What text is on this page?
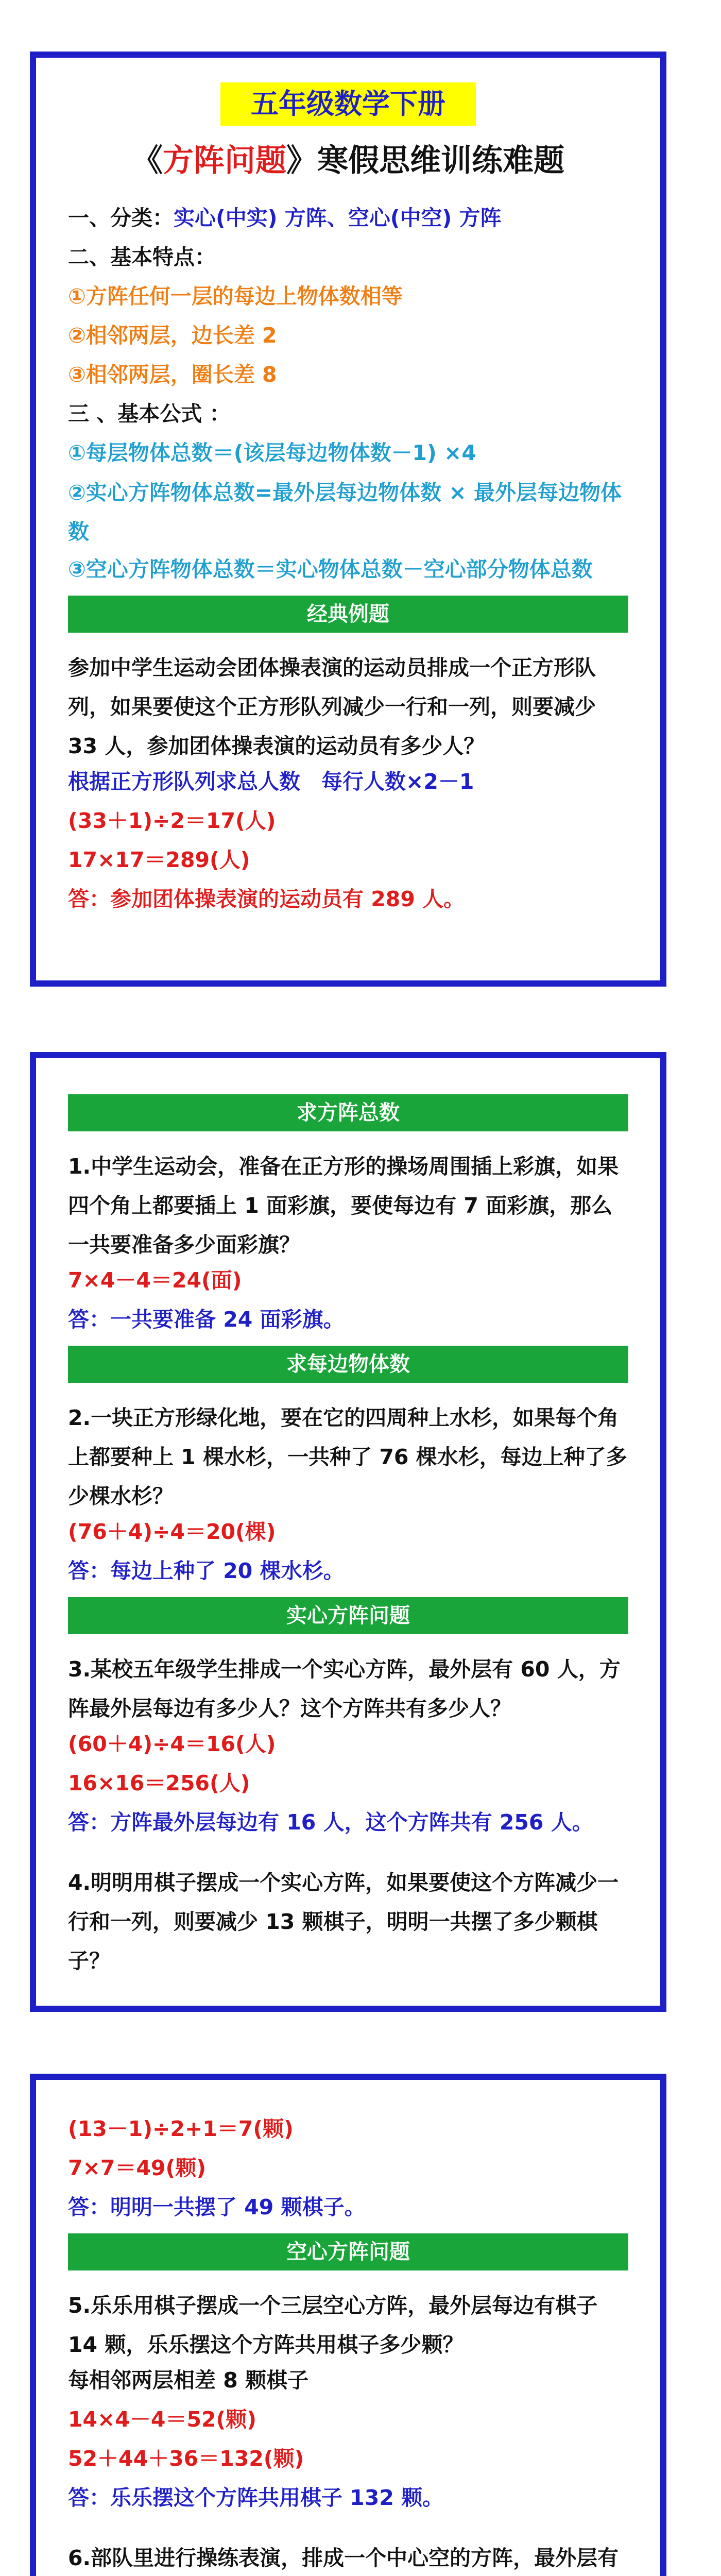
五年级数学下册
《方阵问题》寒假思维训练难题
一、分类：实心(中实) 方阵、空心(中空) 方阵
二、基本特点：
①方阵任何一层的每边上物体数相等
②相邻两层，边长差 2
③相邻两层，圈长差 8
三 、基本公式 ：
①每层物体总数＝(该层每边物体数－1) ×4
②实心方阵物体总数=最外层每边物体数 × 最外层每边物体数
③空心方阵物体总数＝实心物体总数－空心部分物体总数
经典例题
参加中学生运动会团体操表演的运动员排成一个正方形队列，如果要使这个正方形队列减少一行和一列，则要减少 33 人，参加团体操表演的运动员有多少人？
根据正方形队列求总人数　每行人数×2－1
(33＋1)÷2＝17(人)
17×17＝289(人)
答：参加团体操表演的运动员有 289 人。
求方阵总数
1.中学生运动会，准备在正方形的操场周围插上彩旗，如果四个角上都要插上 1 面彩旗，要使每边有 7 面彩旗，那么一共要准备多少面彩旗？
7×4－4＝24(面)
答：一共要准备 24 面彩旗。
求每边物体数
2.一块正方形绿化地，要在它的四周种上水杉，如果每个角上都要种上 1 棵水杉，一共种了 76 棵水杉，每边上种了多少棵水杉？
(76＋4)÷4＝20(棵)
答：每边上种了 20 棵水杉。
实心方阵问题
3.某校五年级学生排成一个实心方阵，最外层有 60 人，方阵最外层每边有多少人？这个方阵共有多少人？
(60＋4)÷4＝16(人)
16×16＝256(人)
答：方阵最外层每边有 16 人，这个方阵共有 256 人。
4.明明用棋子摆成一个实心方阵，如果要使这个方阵减少一行和一列，则要减少 13 颗棋子，明明一共摆了多少颗棋子？
(13－1)÷2+1＝7(颗)
7×7＝49(颗)
答：明明一共摆了 49 颗棋子。
空心方阵问题
5.乐乐用棋子摆成一个三层空心方阵，最外层每边有棋子 14 颗，乐乐摆这个方阵共用棋子多少颗？
每相邻两层相差 8 颗棋子
14×4－4＝52(颗)
52＋44＋36＝132(颗)
答：乐乐摆这个方阵共用棋子 132 颗。
6.部队里进行操练表演，排成一个中心空的方阵，最外层有
